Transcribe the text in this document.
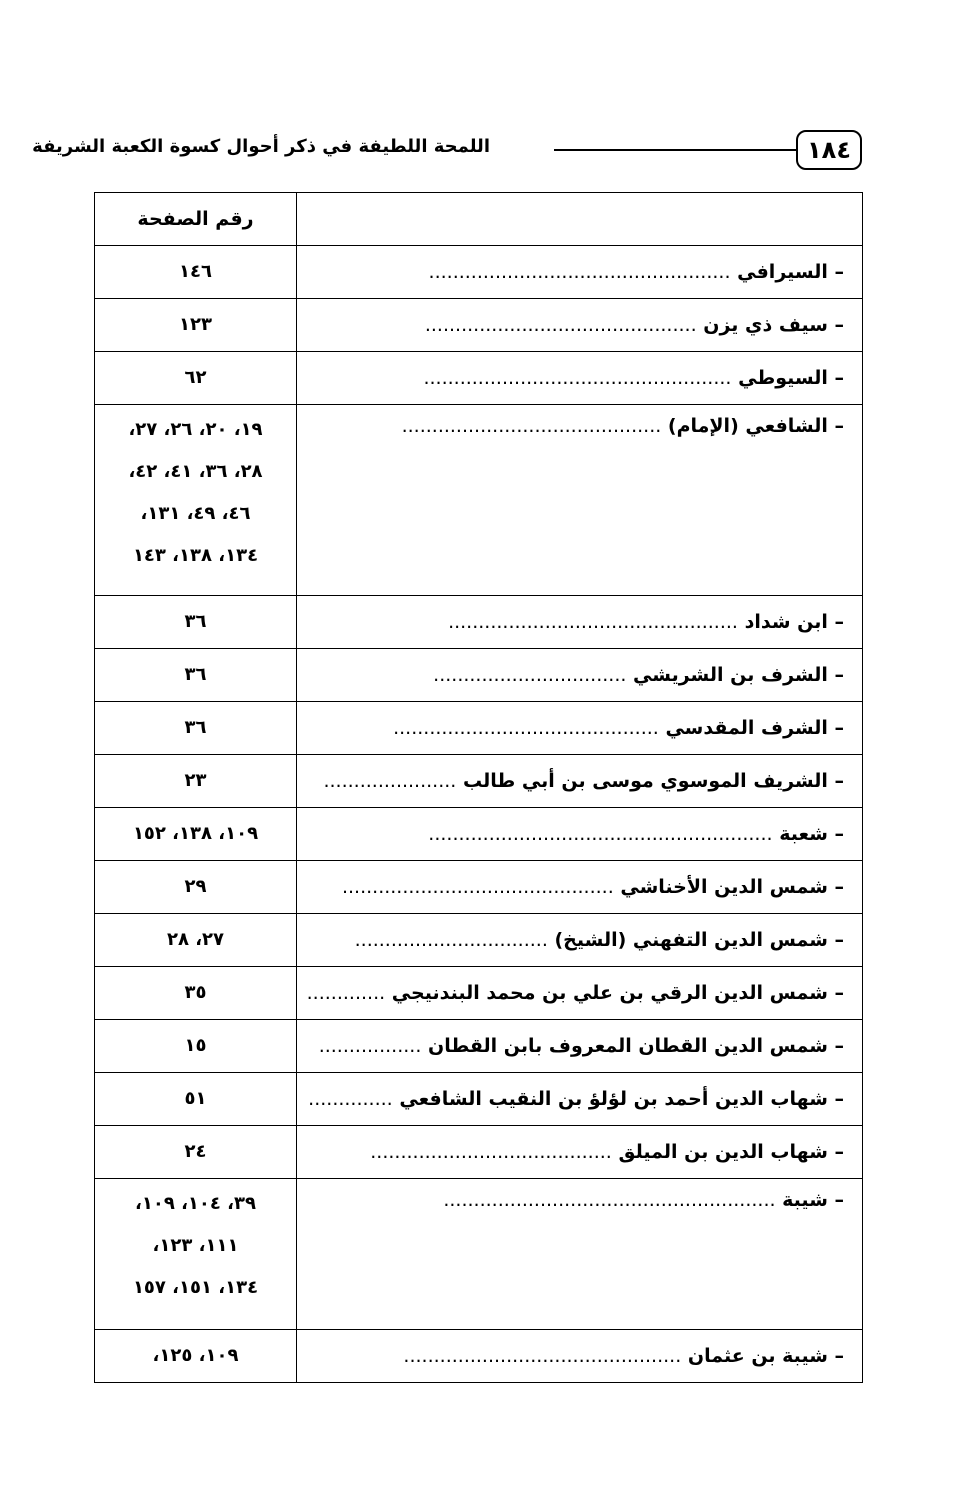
١٨٤
اللمحة اللطيفة في ذكر أحوال كسوة الكعبة الشريفة
	رقم الصفحة
– السيرافي ..................................................	١٤٦

– سيف ذي يزن .............................................	١٢٣

– السيوطي ...................................................	٦٢

– الشافعي (الإمام) ...........................................	١٩، ٢٠، ٢٦، ٢٧،
٢٨، ٣٦، ٤١، ٤٢،
٤٦، ٤٩، ١٣١،
١٣٤، ١٣٨، ١٤٣

– ابن شداد ................................................	٣٦

– الشرف بن الشريشي ................................	٣٦

– الشرف المقدسي ............................................	٣٦

– الشريف الموسوي موسى بن أبي طالب ......................	٢٣

– شعبة .........................................................	١٠٩، ١٣٨، ١٥٢

– شمس الدين الأخناشي .............................................	٢٩

– شمس الدين التفهني (الشيخ) ................................	٢٧، ٢٨

– شمس الدين الرقي بن علي بن محمد البندنيجي .............	٣٥

– شمس الدين القطان المعروف بابن القطان .................	١٥

– شهاب الدين أحمد بن لؤلؤ بن النقيب الشافعي ..............	٥١

– شهاب الدين بن الميلق ........................................	٢٤

– شيبة .......................................................	٣٩، ١٠٤، ١٠٩،
١١١، ١٢٣،
١٣٤، ١٥١، ١٥٧

– شيبة بن عثمان ..............................................	١٠٩، ١٢٥،
